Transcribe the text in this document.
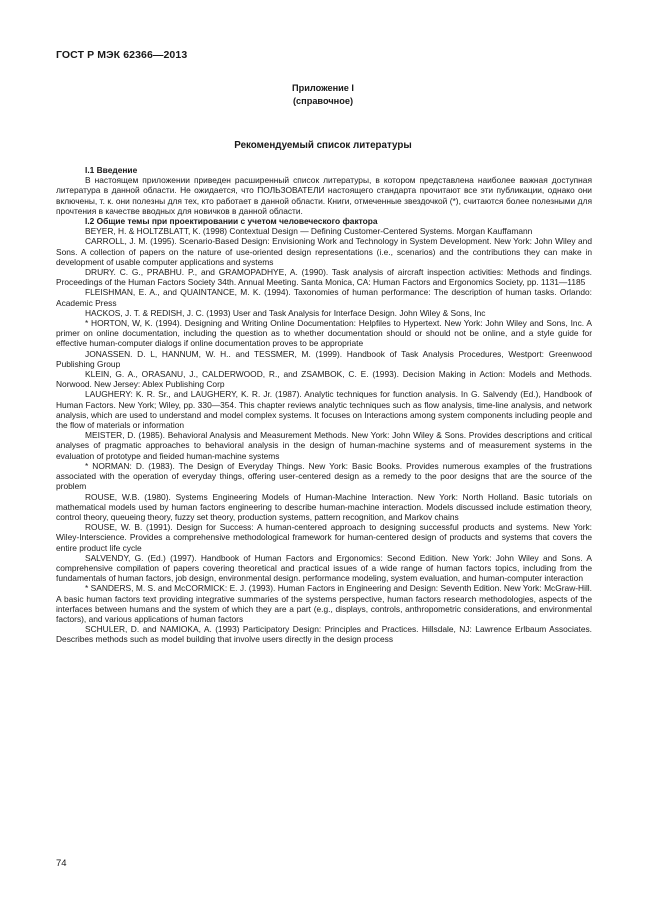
ГОСТ Р МЭК 62366—2013
Приложение I
(справочное)
Рекомендуемый список литературы

I.1 Введение

В настоящем приложении приведен расширенный список литературы, в котором представлена наиболее важная доступная литература в данной области. Не ожидается, что ПОЛЬЗОВАТЕЛИ настоящего стандарта прочитают все эти публикации, однако они включены, т. к. они полезны для тех, кто работает в данной области. Книги, отмеченные звездочкой (*), считаются более полезными для прочтения в качестве вводных для новичков в данной области.

I.2 Общие темы при проектировании с учетом человеческого фактора

BEYER, H. & HOLTZBLATT, K. (1998) Contextual Design — Defining Customer-Centered Systems. Morgan Kauffamann

CARROLL, J. M. (1995). Scenario-Based Design: Envisioning Work and Technology in System Development. New York: John Wiley and Sons. A collection of papers on the nature of use-oriented design representations (i.e., scenarios) and the contributions they can make in development of usable computer applications and systems

DRURY. C. G., PRABHU. P., and GRAMOPADHYE, A. (1990). Task analysis of aircraft inspection activities: Methods and findings. Proceedings of the Human Factors Society 34th. Annual Meeting. Santa Monica, CA: Human Factors and Ergonomics Society, pp. 1131—1185

FLEISHMAN, E. A., and QUAINTANCE, M. K. (1994). Taxonomies of human performance: The description of human tasks. Orlando: Academic Press

HACKOS, J. T. & REDISH, J. C. (1993) User and Task Analysis for Interface Design. John Wiley & Sons, Inc

* HORTON, W, K. (1994). Designing and Writing Online Documentation: Helpfiles to Hypertext. New York: John Wiley and Sons, Inc. A primer on online documentation, including the question as to whether documentation should or should not be online, and a style guide for effective human-computer dialogs if online documentation proves to be appropriate

JONASSEN. D. L, HANNUM, W. H.. and TESSMER, M. (1999). Handbook of Task Analysis Procedures, Westport: Greenwood Publishing Group

KLEIN, G. A., ORASANU, J., CALDERWOOD, R., and ZSAMBOK, C. E. (1993). Decision Making in Action: Models and Methods. Norwood. New Jersey: Ablex Publishing Corp

LAUGHERY: K. R. Sr., and LAUGHERY, K. R. Jr. (1987). Analytic techniques for function analysis. In G. Salvendy (Ed.), Handbook of Human Factors. New York; Wiley, pp. 330—354. This chapter reviews analytic techniques such as flow analysis, time-line analysis, and network analysis, which are used to understand and model complex systems. It focuses on Interactions among system components including people and the flow of materials or information

MEISTER, D. (1985). Behavioral Analysis and Measurement Methods. New York: John Wiley & Sons. Provides descriptions and critical analyses of pragmatic approaches to behavioral analysis in the design of human-machine systems and of measurement systems in the evaluation of prototype and fieided human-machine systems

* NORMAN: D. (1983). The Design of Everyday Things. New York: Basic Books. Provides numerous examples of the frustrations associated with the operation of everyday things, offering user-centered design as a remedy to the poor designs that are the source of the problem

ROUSE, W.B. (1980). Systems Engineering Models of Human-Machine Interaction. New York: North Holland. Basic tutorials on mathematical models used by human factors engineering to describe human-machine interaction. Models discussed include estimation theory, control theory, queueing theory, fuzzy set theory, production systems, pattern recognition, and Markov chains

ROUSE, W. B. (1991). Design for Success: A human-centered approach to designing successful products and systems. New York: Wiley-Interscience. Provides a comprehensive methodological framework for human-centered design of products and systems that covers the entire product life cycle

SALVENDY, G. (Ed.) (1997). Handbook of Human Factors and Ergonomics: Second Edition. New York: John Wiley and Sons. A comprehensive compilation of papers covering theoretical and practical issues of a wide range of human factors topics, including from the fundamentals of human factors, job design, environmental design. performance modeling, system evaluation, and human-computer interaction

* SANDERS, M. S. and McCORMICK: E. J. (1993). Human Factors in Engineering and Design: Seventh Edition. New York: McGraw-Hill. A basic human factors text providing integrative summaries of the systems perspective, human factors research methodologies, aspects of the interfaces between humans and the system of which they are a part (e.g., displays, controls, anthropometric considerations, and environmental factors), and various applications of human factors

SCHULER, D. and NAMIOKA, A. (1993) Participatory Design: Principles and Practices. Hillsdale, NJ: Lawrence Erlbaum Associates. Describes methods such as model building that involve users directly in the design process

74
